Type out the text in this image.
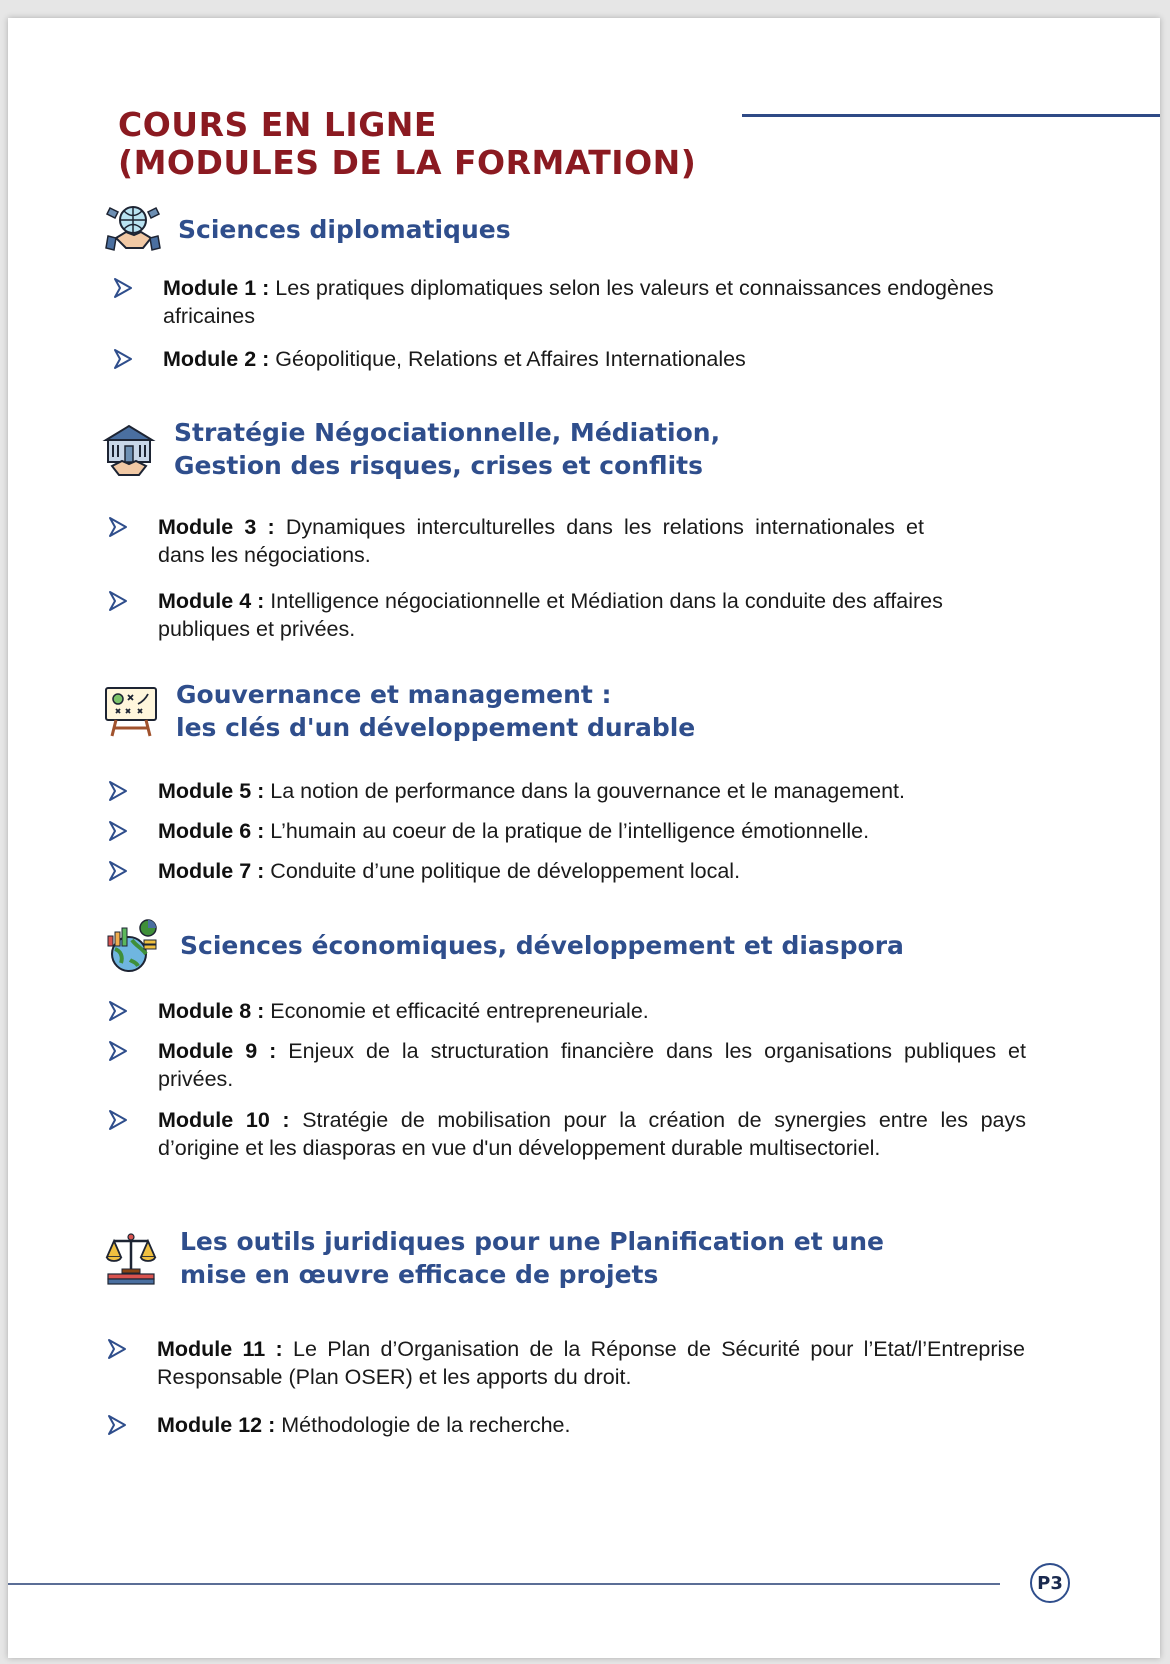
COURS EN LIGNE
(MODULES DE LA FORMATION)
Sciences diplomatiques
Module 1 : Les pratiques diplomatiques selon les valeurs et connaissances endogènes africaines
Module 2 : Géopolitique, Relations et Affaires Internationales
Stratégie Négociationnelle, Médiation,
Gestion des risques, crises et conflits
Module 3 : Dynamiques interculturelles dans les relations internationales et dans les négociations.
Module 4 : Intelligence négociationnelle et Médiation dans la conduite des affaires publiques et privées.
Gouvernance et management :
les clés d'un développement durable
Module 5 : La notion de performance dans la gouvernance et le management.
Module 6 : L’humain au coeur de la pratique de l’intelligence émotionnelle.
Module 7 : Conduite d’une politique de développement local.
Sciences économiques, développement et diaspora
Module 8 : Economie et efficacité entrepreneuriale.
Module 9 : Enjeux de la structuration financière dans les organisations publiques et privées.
Module 10 : Stratégie de mobilisation pour la création de synergies entre les pays d’origine et les diasporas en vue d'un développement durable multisectoriel.
Les outils juridiques pour une Planification et une
mise en œuvre efficace de projets
Module 11 : Le Plan d’Organisation de la Réponse de Sécurité pour l’Etat/l’Entreprise Responsable (Plan OSER) et les apports du droit.
Module 12 : Méthodologie de la recherche.
P3
